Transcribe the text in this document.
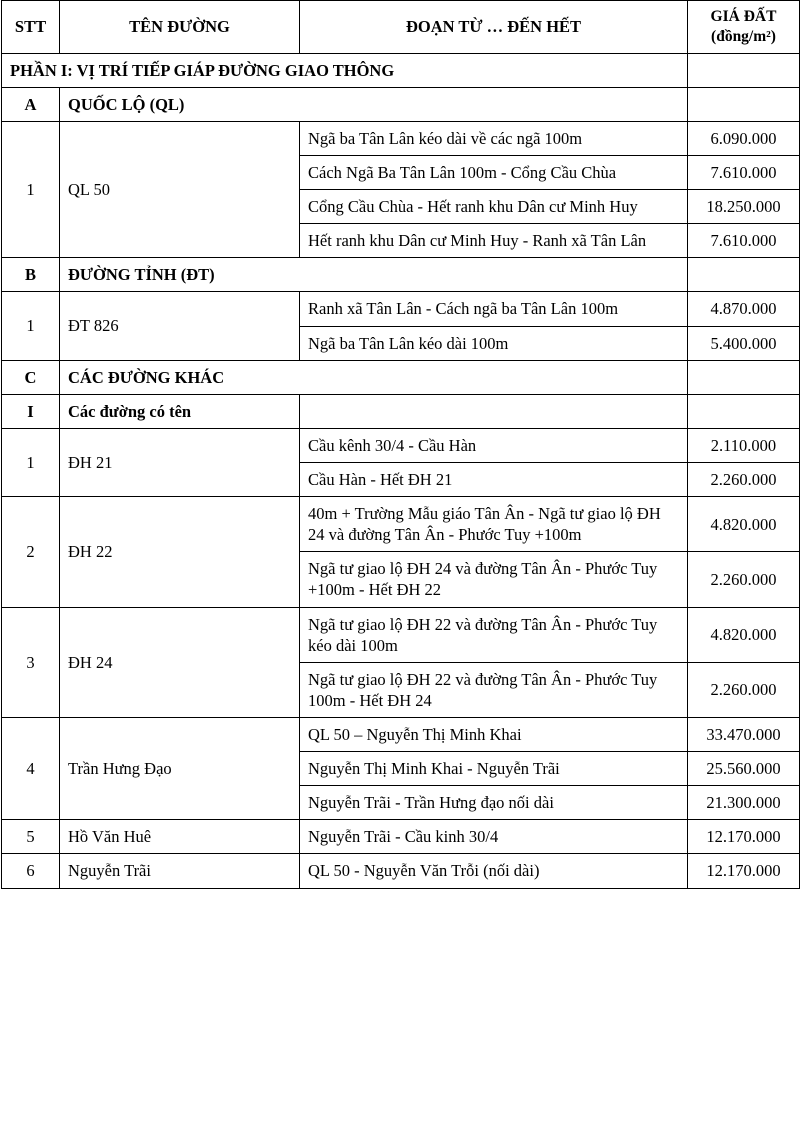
STT	TÊN ĐƯỜNG	ĐOẠN TỪ … ĐẾN HẾT	GIÁ ĐẤT
(đồng/m²)

PHẦN I: VỊ TRÍ TIẾP GIÁP ĐƯỜNG GIAO THÔNG			
A	QUỐC LỘ (QL)		
1	QL 50	Ngã ba Tân Lân kéo dài về các ngã 100m	6.090.000
		Cách Ngã Ba Tân Lân 100m - Cổng Cầu Chùa	7.610.000
		Cổng Cầu Chùa - Hết ranh khu Dân cư Minh Huy	18.250.000
		Hết ranh khu Dân cư Minh Huy - Ranh xã Tân Lân	7.610.000
B	ĐƯỜNG TỈNH (ĐT)		
1	ĐT 826	Ranh xã Tân Lân - Cách ngã ba Tân Lân 100m	4.870.000
		Ngã ba Tân Lân kéo dài 100m	5.400.000
C	CÁC ĐƯỜNG KHÁC		
I	Các đường có tên		
1	ĐH 21	Cầu kênh 30/4 - Cầu Hàn	2.110.000
		Cầu Hàn - Hết ĐH 21	2.260.000
2	ĐH 22	40m + Trường Mẫu giáo Tân Ân - Ngã tư giao lộ ĐH 24 và đường Tân Ân - Phước Tuy +100m	4.820.000
		Ngã tư giao lộ ĐH 24 và đường Tân Ân - Phước Tuy +100m - Hết ĐH 22	2.260.000
3	ĐH 24	Ngã tư giao lộ ĐH 22 và đường Tân Ân - Phước Tuy kéo dài 100m	4.820.000
		Ngã tư giao lộ ĐH 22 và đường Tân Ân - Phước Tuy 100m - Hết ĐH 24	2.260.000
4	Trần Hưng Đạo	QL 50 – Nguyễn Thị Minh Khai	33.470.000
		Nguyễn Thị Minh Khai - Nguyễn Trãi	25.560.000
		Nguyễn Trãi - Trần Hưng đạo nối dài	21.300.000
5	Hồ Văn Huê	Nguyễn Trãi - Cầu kinh 30/4	12.170.000
6	Nguyễn Trãi	QL 50 - Nguyễn Văn Trỗi (nối dài)	12.170.000
